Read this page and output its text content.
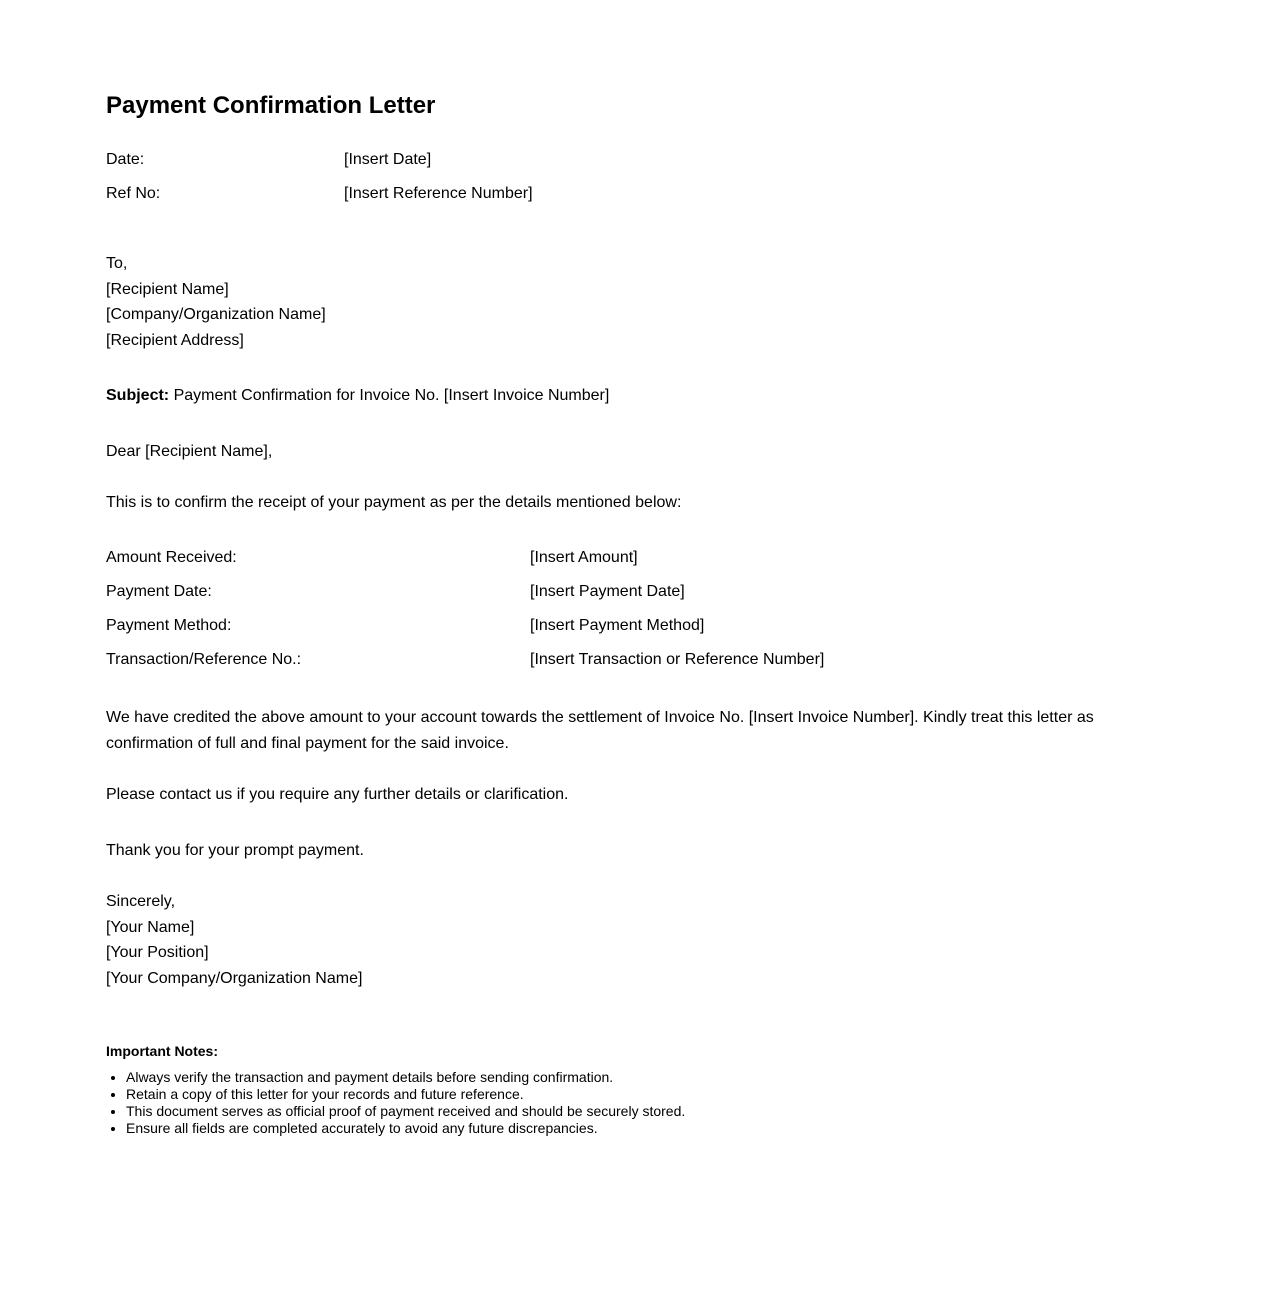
Payment Confirmation Letter
Date:	[Insert Date]
Ref No:	[Insert Reference Number]
To,
[Recipient Name]
[Company/Organization Name]
[Recipient Address]
Subject: Payment Confirmation for Invoice No. [Insert Invoice Number]
Dear [Recipient Name],
This is to confirm the receipt of your payment as per the details mentioned below:
Amount Received:	[Insert Amount]
Payment Date:	[Insert Payment Date]
Payment Method:	[Insert Payment Method]
Transaction/Reference No.:	[Insert Transaction or Reference Number]

We have credited the above amount to your account towards the settlement of Invoice No. [Insert Invoice Number]. Kindly treat this letter as confirmation of full and final payment for the said invoice.

Please contact us if you require any further details or clarification.
Thank you for your prompt payment.
Sincerely,
[Your Name]
[Your Position]
[Your Company/Organization Name]
Important Notes:
• Always verify the transaction and payment details before sending confirmation.
• Retain a copy of this letter for your records and future reference.
• This document serves as official proof of payment received and should be securely stored.
• Ensure all fields are completed accurately to avoid any future discrepancies.
